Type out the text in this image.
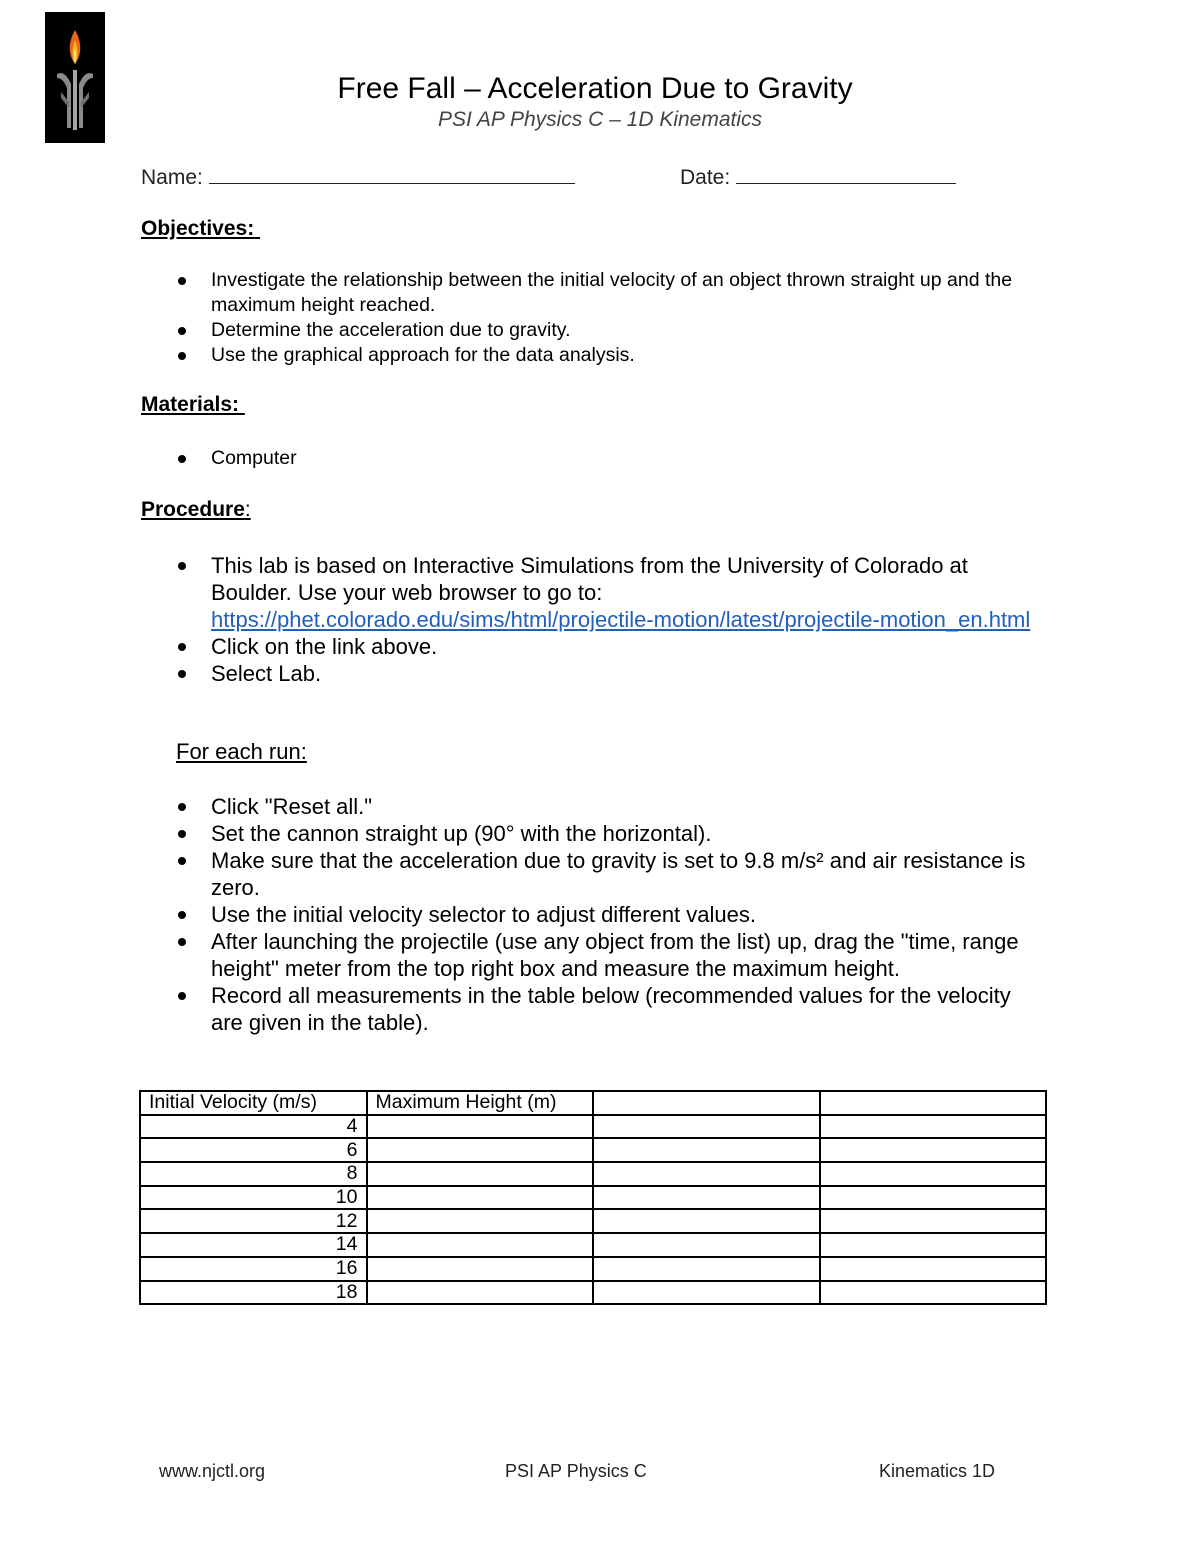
Free Fall – Acceleration Due to Gravity
PSI AP Physics C – 1D Kinematics
Name:	Date:
Objectives:
Investigate the relationship between the initial velocity of an object thrown straight up and the maximum height reached.
Determine the acceleration due to gravity.
Use the graphical approach for the data analysis.
Materials:
Computer
Procedure:
This lab is based on Interactive Simulations from the University of Colorado at Boulder. Use your web browser to go to:
https://phet.colorado.edu/sims/html/projectile-motion/latest/projectile-motion_en.html
Click on the link above.
Select Lab.
For each run:
Click "Reset all."
Set the cannon straight up (90° with the horizontal).
Make sure that the acceleration due to gravity is set to 9.8 m/s² and air resistance is zero.
Use the initial velocity selector to adjust different values.
After launching the projectile (use any object from the list) up, drag the "time, range height" meter from the top right box and measure the maximum height.
Record all measurements in the table below (recommended values for the velocity are given in the table).
Initial Velocity (m/s)	Maximum Height (m)		
4			
6			
8			
10			
12			
14			
16			
18			
www.njctl.org	PSI AP Physics C	Kinematics 1D
